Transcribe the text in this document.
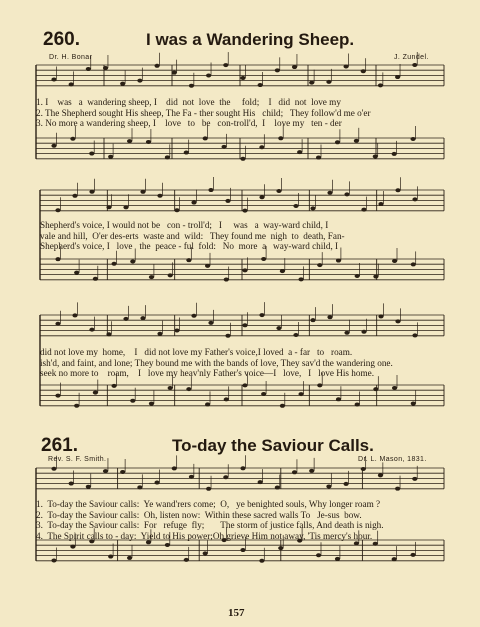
260.	I was a Wandering Sheep.
Dr. H. Bonar	J. Zundel.
1. I    was   a  wandering sheep, I    did  not  love  the     fold;    I   did  not  love my
2. The Shepherd sought His sheep, The Fa - ther sought His   child;   They follow'd me o'er
3. No more a wandering sheep, I    love   to   be   con-troll'd,  I    love my   ten - der
Shepherd's voice, I would not be   con - troll'd;   I     was   a  way-ward child, I
vale and hill,  O'er des-erts  waste and  wild:   They found me  nigh  to  death, Fan-
Shepherd's voice, I   love   the  peace - ful  fold:   No  more  a   way-ward child, I
did not love my  home,    I   did not love my Father's voice,I loved  a - far   to   roam.
ish'd, and faint, and lone; They bound me with the bands of love, They sav'd the wandering one.
seek no more to    roam,    I   love my heav'nly Father's voice—I   love,   I   love His home.
261.	To-day the Saviour Calls.
Rev. S. F. Smith.	Dr. L. Mason, 1831.
1.  To-day the Saviour calls:  Ye wand'rers come;  O,   ye benighted souls, Why longer roam ?
2.  To-day the Saviour calls:  Oh, listen now:  Within these sacred walls To   Je-sus  bow.
3.  To-day the Saviour calls:  For   refuge  fly;       The storm of justice falls, And death is nigh.
4.  The Spirit calls to - day:  Yield to His power;Oh,grieve Him not away, 'Tis mercy's hour.
157
